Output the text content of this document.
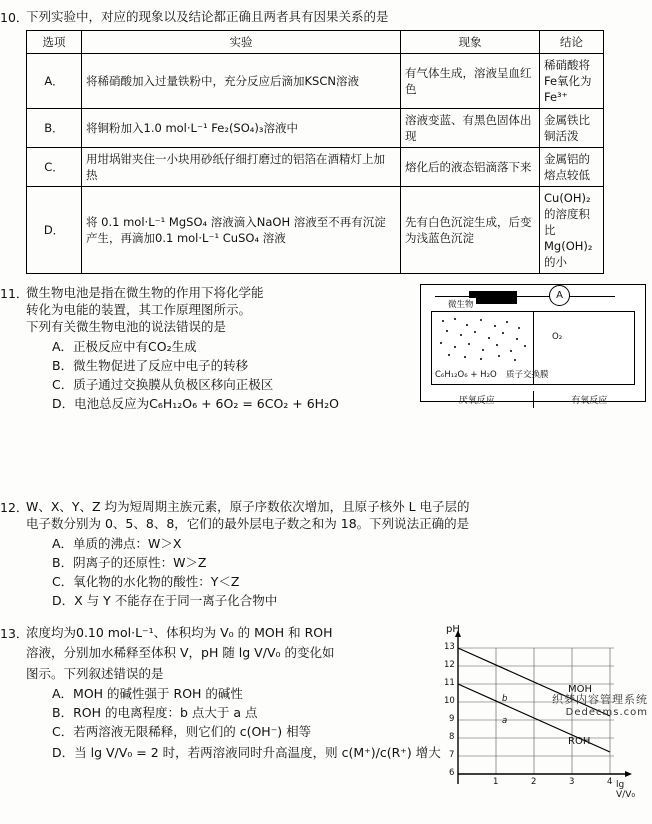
10．
下列实验中，对应的现象以及结论都正确且两者具有因果关系的是
选项	实验	现象	结论
A．	将稀硝酸加入过量铁粉中，充分反应后滴加KSCN溶液	有气体生成，溶液呈血红色	稀硝酸将Fe氧化为Fe³⁺
B．	将铜粉加入1.0 mol·L⁻¹ Fe₂(SO₄)₃溶液中	溶液变蓝、有黑色固体出现	金属铁比铜活泼
C．	用坩埚钳夹住一小块用砂纸仔细打磨过的铝箔在酒精灯上加热	熔化后的液态铝滴落下来	金属铝的熔点较低
D．	将 0.1 mol·L⁻¹ MgSO₄ 溶液滴入NaOH 溶液至不再有沉淀产生，再滴加0.1 mol·L⁻¹ CuSO₄ 溶液	先有白色沉淀生成，后变为浅蓝色沉淀	Cu(OH)₂的溶度积比 Mg(OH)₂的小
11．
微生物电池是指在微生物的作用下将化学能
转化为电能的装置，其工作原理图所示。
下列有关微生物电池的说法错误的是
A．正极反应中有CO₂生成
B．微生物促进了反应中电子的转移
C．质子通过交换膜从负极区移向正极区
D．电池总反应为C₆H₁₂O₆ + 6O₂ = 6CO₂ + 6H₂O
A
微生物
C₆H₁₂O₆ + H₂O
O₂
质子交换膜
厌氧反应	有氧反应
12．
W、X、Y、Z 均为短周期主族元素，原子序数依次增加，且原子核外 L 电子层的
电子数分别为 0、5、8、8，它们的最外层电子数之和为 18。下列说法正确的是
A．单质的沸点：W＞X
B．阴离子的还原性：W＞Z
C．氧化物的水化物的酸性：Y＜Z
D．X 与 Y 不能存在于同一离子化合物中
13．
浓度均为0.10 mol·L⁻¹、体积均为 V₀ 的 MOH 和 ROH
溶液，分别加水稀释至体积 V，pH 随 lg V/V₀ 的变化如
图示。下列叙述错误的是
A．MOH 的碱性强于 ROH 的碱性
B．ROH 的电离程度：b 点大于 a 点
C．若两溶液无限稀释，则它们的 c(OH⁻) 相等
D．当 lg V/V₀ = 2 时，若两溶液同时升高温度，则 c(M⁺)/c(R⁺) 增大
pH
13
12
11
10
9
8
7
6
1	2	3	4 lg V/V₀
MOH
ROH
b
a
织梦内容管理系统
Dedecms.com
